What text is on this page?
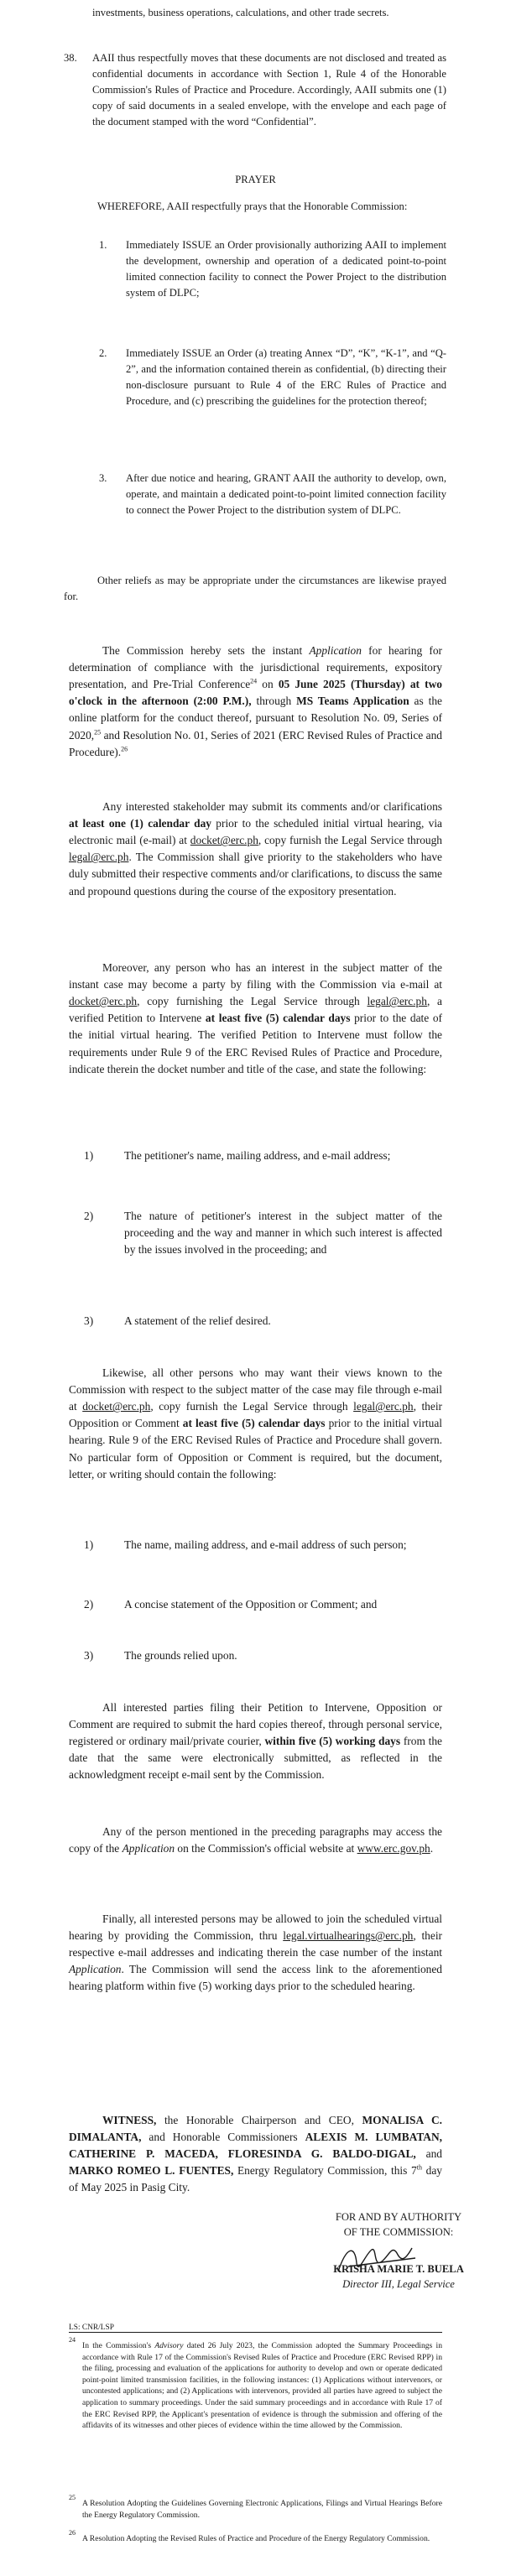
investments, business operations, calculations, and other trade secrets.

38. AAII thus respectfully moves that these documents are not disclosed and treated as confidential documents in accordance with Section 1, Rule 4 of the Honorable Commission's Rules of Practice and Procedure. Accordingly, AAII submits one (1) copy of said documents in a sealed envelope, with the envelope and each page of the document stamped with the word “Confidential”.

PRAYER

WHEREFORE, AAII respectfully prays that the Honorable Commission:

1. Immediately ISSUE an Order provisionally authorizing AAII to implement the development, ownership and operation of a dedicated point-to-point limited connection facility to connect the Power Project to the distribution system of DLPC;

2. Immediately ISSUE an Order (a) treating Annex “D”, “K”, “K-1”, and “Q-2”, and the information contained therein as confidential, (b) directing their non-disclosure pursuant to Rule 4 of the ERC Rules of Practice and Procedure, and (c) prescribing the guidelines for the protection thereof;

3. After due notice and hearing, GRANT AAII the authority to develop, own, operate, and maintain a dedicated point-to-point limited connection facility to connect the Power Project to the distribution system of DLPC.

Other reliefs as may be appropriate under the circumstances are likewise prayed for.

The Commission hereby sets the instant Application for hearing for determination of compliance with the jurisdictional requirements, expository presentation, and Pre-Trial Conference$^{24}$ on 05 June 2025 (Thursday) at two o'clock in the afternoon (2:00 P.M.), through MS Teams Application as the online platform for the conduct thereof, pursuant to Resolution No. 09, Series of 2020,25 and Resolution No. 01, Series of 2021 (ERC Revised Rules of Practice and Procedure).$^{26}$

Any interested stakeholder may submit its comments and/or clarifications at least one (1) calendar day prior to the scheduled initial virtual hearing, via electronic mail (e-mail) at docket@erc.ph, copy furnish the Legal Service through legal@erc.ph. The Commission shall give priority to the stakeholders who have duly submitted their respective comments and/or clarifications, to discuss the same and propound questions during the course of the expository presentation.

Moreover, any person who has an interest in the subject matter of the instant case may become a party by filing with the Commission via e-mail at docket@erc.ph, copy furnishing the Legal Service through legal@erc.ph, a verified Petition to Intervene at least five (5) calendar days prior to the date of the initial virtual hearing. The verified Petition to Intervene must follow the requirements under Rule 9 of the ERC Revised Rules of Practice and Procedure, indicate therein the docket number and title of the case, and state the following:

1)	The petitioner's name, mailing address, and e-mail address;

2)	The nature of petitioner's interest in the subject matter of the proceeding and the way and manner in which such interest is affected by the issues involved in the proceeding; and

3)	A statement of the relief desired.

Likewise, all other persons who may want their views known to the Commission with respect to the subject matter of the case may file through e-mail at docket@erc.ph, copy furnish the Legal Service through legal@erc.ph, their Opposition or Comment at least five (5) calendar days prior to the initial virtual hearing. Rule 9 of the ERC Revised Rules of Practice and Procedure shall govern. No particular form of Opposition or Comment is required, but the document, letter, or writing should contain the following:

1)	The name, mailing address, and e-mail address of such person;

2)	A concise statement of the Opposition or Comment; and

3)	The grounds relied upon.

All interested parties filing their Petition to Intervene, Opposition or Comment are required to submit the hard copies thereof, through personal service, registered or ordinary mail/private courier, within five (5) working days from the date that the same were electronically submitted, as reflected in the acknowledgment receipt e-mail sent by the Commission.

Any of the person mentioned in the preceding paragraphs may access the copy of the Application on the Commission's official website at www.erc.gov.ph.

Finally, all interested persons may be allowed to join the scheduled virtual hearing by providing the Commission, thru legal.virtualhearings@erc.ph, their respective e-mail addresses and indicating therein the case number of the instant Application. The Commission will send the access link to the aforementioned hearing platform within five (5) working days prior to the scheduled hearing.

WITNESS, the Honorable Chairperson and CEO, MONALISA C. DIMALANTA, and Honorable Commissioners ALEXIS M. LUMBATAN, CATHERINE P. MACEDA, FLORESINDA G. BALDO-DIGAL, and MARKO ROMEO L. FUENTES, Energy Regulatory Commission, this 7th day of May 2025 in Pasig City.

FOR AND BY AUTHORITY

OF THE COMMISSION:

KRISHA MARIE T. BUELA

Director III, Legal Service

LS: CNR/LSP

24

In the Commission's Advisory dated 26 July 2023, the Commission adopted the Summary Proceedings in accordance with Rule 17 of the Commission's Revised Rules of Practice and Procedure (ERC Revised RPP) in the filing, processing and evaluation of the applications for authority to develop and own or operate dedicated point-point limited transmission facilities, in the following instances: (1) Applications without intervenors, or uncontested applications; and (2) Applications with intervenors, provided all parties have agreed to subject the application to summary proceedings. Under the said summary proceedings and in accordance with Rule 17 of the ERC Revised RPP, the Applicant's presentation of evidence is through the submission and offering of the affidavits of its witnesses and other pieces of evidence within the time allowed by the Commission.

25

A Resolution Adopting the Guidelines Governing Electronic Applications, Filings and Virtual Hearings Before the Energy Regulatory Commission.

26

A Resolution Adopting the Revised Rules of Practice and Procedure of the Energy Regulatory Commission.
